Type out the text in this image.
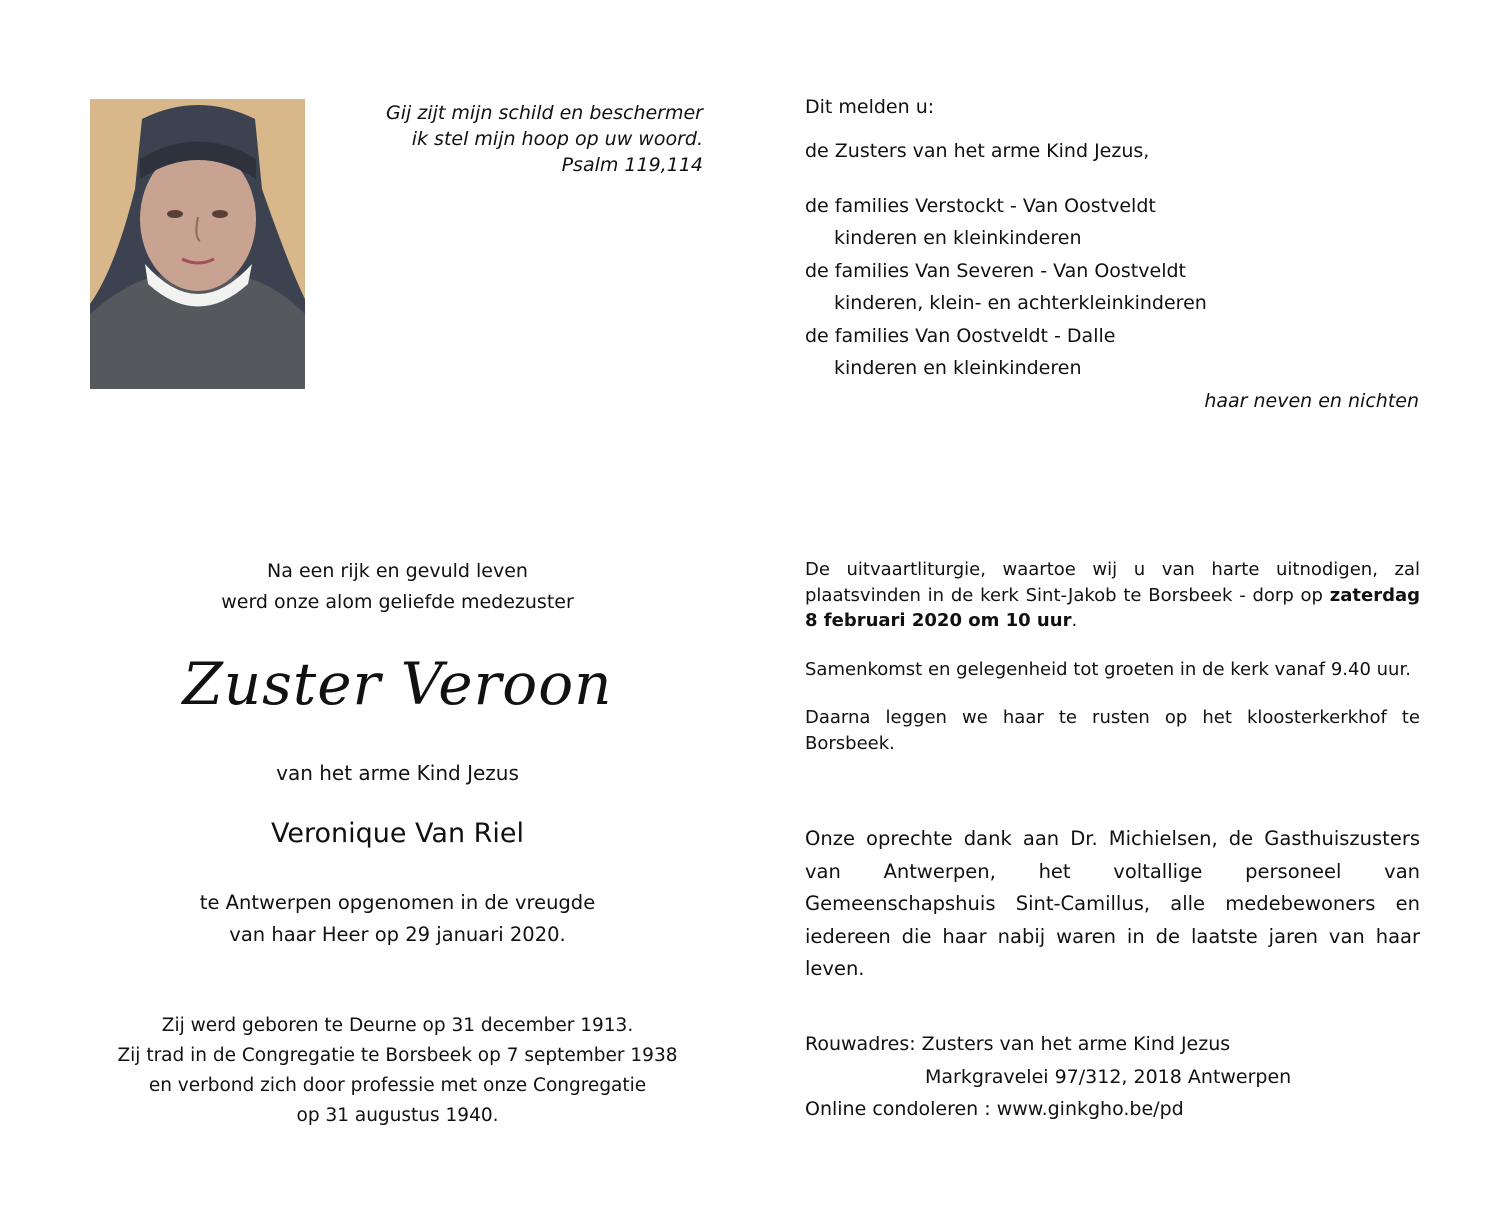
Gij zijt mijn schild en beschermer
ik stel mijn hoop op uw woord.
Psalm 119,114
Dit melden u:
de Zusters van het arme Kind Jezus,
de families Verstockt - Van Oostveldt
kinderen en kleinkinderen
de families Van Severen - Van Oostveldt
kinderen, klein- en achterkleinkinderen
de families Van Oostveldt - Dalle
kinderen en kleinkinderen
haar neven en nichten
Na een rijk en gevuld leven
werd onze alom geliefde medezuster
Zuster Veroon
van het arme Kind Jezus
Veronique Van Riel
te Antwerpen opgenomen in de vreugde
van haar Heer op 29 januari 2020.
Zij werd geboren te Deurne op 31 december 1913.
Zij trad in de Congregatie te Borsbeek op 7 september 1938
en verbond zich door professie met onze Congregatie
op 31 augustus 1940.

De uitvaartliturgie, waartoe wij u van harte uitnodigen, zal plaatsvinden in de kerk Sint-Jakob te Borsbeek - dorp op zaterdag 8 februari 2020 om 10 uur.

Samenkomst en gelegenheid tot groeten in de kerk vanaf 9.40 uur.

Daarna leggen we haar te rusten op het kloosterkerkhof te Borsbeek.

Onze oprechte dank aan Dr. Michielsen, de Gasthuiszusters van Antwerpen, het voltallige personeel van Gemeenschapshuis Sint-Camillus, alle medebewoners en iedereen die haar nabij waren in de laatste jaren van haar leven.
Rouwadres: Zusters van het arme Kind Jezus
Markgravelei 97/312, 2018 Antwerpen
Online condoleren : www.ginkgho.be/pd
